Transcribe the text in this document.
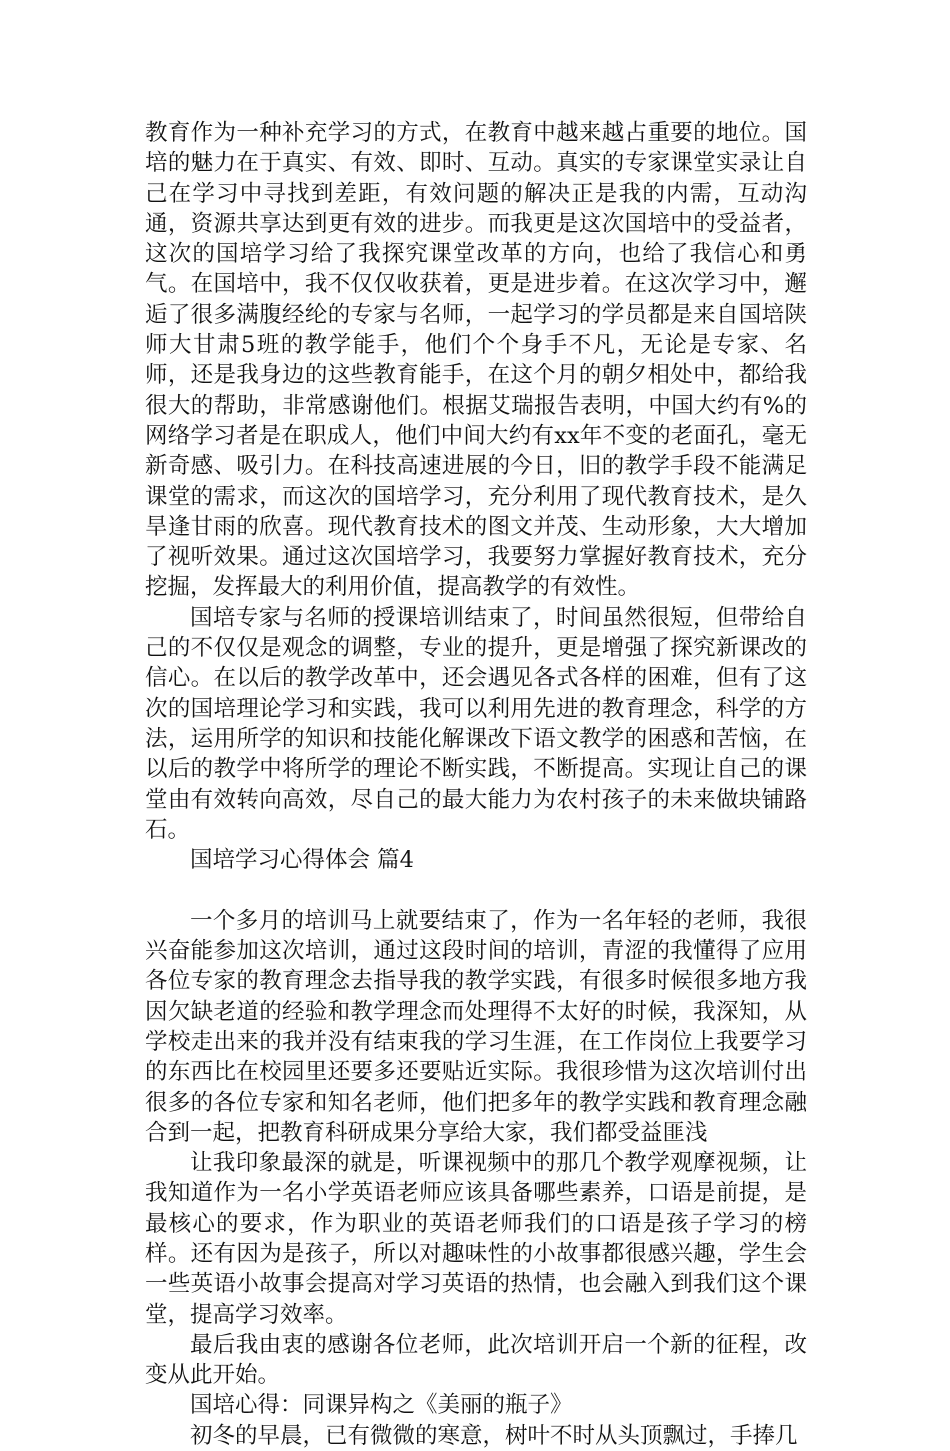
教育作为一种补充学习的方式，在教育中越来越占重要的地位。国培的魅力在于真实、有效、即时、互动。真实的专家课堂实录让自己在学习中寻找到差距，有效问题的解决正是我的内需，互动沟通，资源共享达到更有效的进步。而我更是这次国培中的受益者，这次的国培学习给了我探究课堂改革的方向，也给了我信心和勇气。在国培中，我不仅仅收获着，更是进步着。在这次学习中，邂逅了很多满腹经纶的专家与名师，一起学习的学员都是来自国培陕师大甘肃5班的教学能手，他们个个身手不凡，无论是专家、名师，还是我身边的这些教育能手，在这个月的朝夕相处中，都给我很大的帮助，非常感谢他们。根据艾瑞报告表明，中国大约有%的网络学习者是在职成人，他们中间大约有xx年不变的老面孔，毫无新奇感、吸引力。在科技高速进展的今日，旧的教学手段不能满足课堂的需求，而这次的国培学习，充分利用了现代教育技术，是久旱逢甘雨的欣喜。现代教育技术的图文并茂、生动形象，大大增加了视听效果。通过这次国培学习，我要努力掌握好教育技术，充分挖掘，发挥最大的利用价值，提高教学的有效性。

国培专家与名师的授课培训结束了，时间虽然很短，但带给自己的不仅仅是观念的调整，专业的提升，更是增强了探究新课改的信心。在以后的教学改革中，还会遇见各式各样的困难，但有了这次的国培理论学习和实践，我可以利用先进的教育理念，科学的方法，运用所学的知识和技能化解课改下语文教学的困惑和苦恼，在以后的教学中将所学的理论不断实践，不断提高。实现让自己的课堂由有效转向高效，尽自己的最大能力为农村孩子的未来做块铺路石。

国培学习心得体会 篇4

一个多月的培训马上就要结束了，作为一名年轻的老师，我很兴奋能参加这次培训，通过这段时间的培训，青涩的我懂得了应用各位专家的教育理念去指导我的教学实践，有很多时候很多地方我因欠缺老道的经验和教学理念而处理得不太好的时候，我深知，从学校走出来的我并没有结束我的学习生涯，在工作岗位上我要学习的东西比在校园里还要多还要贴近实际。我很珍惜为这次培训付出很多的各位专家和知名老师，他们把多年的教学实践和教育理念融合到一起，把教育科研成果分享给大家，我们都受益匪浅

让我印象最深的就是，听课视频中的那几个教学观摩视频，让我知道作为一名小学英语老师应该具备哪些素养，口语是前提，是最核心的要求，作为职业的英语老师我们的口语是孩子学习的榜样。还有因为是孩子，所以对趣味性的小故事都很感兴趣，学生会一些英语小故事会提高对学习英语的热情，也会融入到我们这个课堂，提高学习效率。

最后我由衷的感谢各位老师，此次培训开启一个新的征程，改变从此开始。

国培心得：同课异构之《美丽的瓶子》

初冬的早晨，已有微微的寒意，树叶不时从头顶飘过，手捧几
